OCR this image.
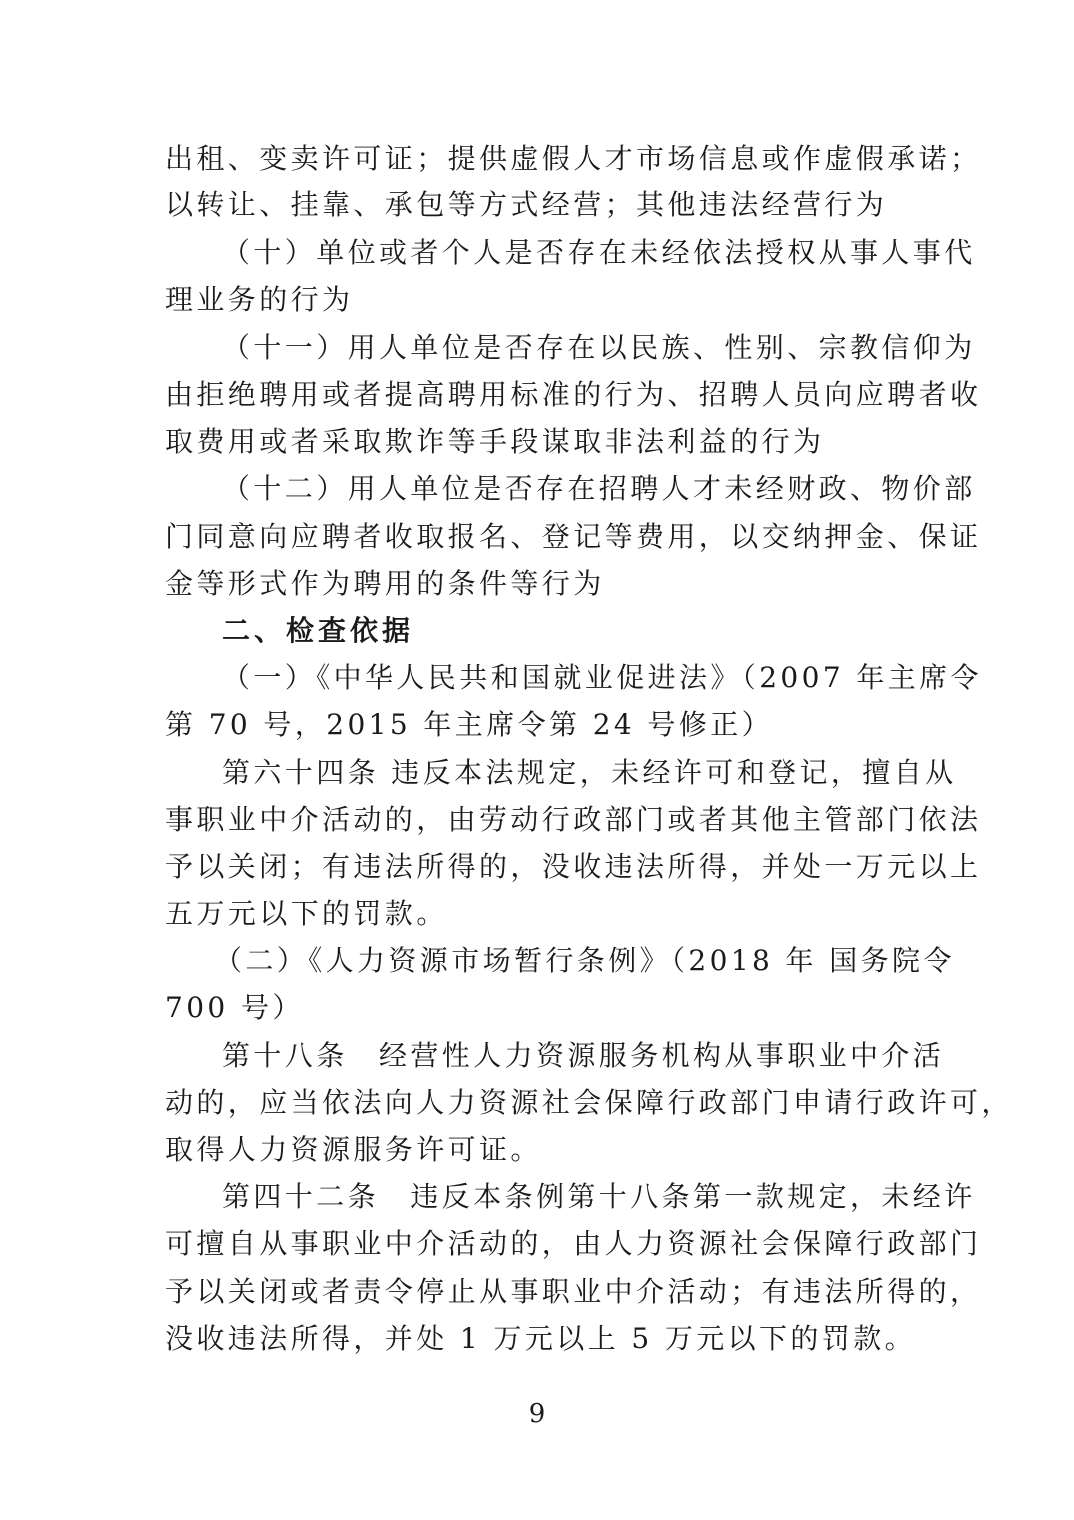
出租、变卖许可证；提供虚假人才市场信息或作虚假承诺；
以转让、挂靠、承包等方式经营；其他违法经营行为
（十）单位或者个人是否存在未经依法授权从事人事代
理业务的行为
（十一）用人单位是否存在以民族、性别、宗教信仰为
由拒绝聘用或者提高聘用标准的行为、招聘人员向应聘者收
取费用或者采取欺诈等手段谋取非法利益的行为
（十二）用人单位是否存在招聘人才未经财政、物价部
门同意向应聘者收取报名、登记等费用，以交纳押金、保证
金等形式作为聘用的条件等行为
二、检查依据
（一）《中华人民共和国就业促进法》（2007 年主席令
第 70 号，2015 年主席令第 24 号修正）
第六十四条 违反本法规定，未经许可和登记，擅自从
事职业中介活动的，由劳动行政部门或者其他主管部门依法
予以关闭；有违法所得的，没收违法所得，并处一万元以上
五万元以下的罚款。
（二）《人力资源市场暂行条例》（2018 年 国务院令
700 号）
第十八条　经营性人力资源服务机构从事职业中介活
动的，应当依法向人力资源社会保障行政部门申请行政许可，
取得人力资源服务许可证。
第四十二条　违反本条例第十八条第一款规定，未经许
可擅自从事职业中介活动的，由人力资源社会保障行政部门
予以关闭或者责令停止从事职业中介活动；有违法所得的，
没收违法所得，并处 1 万元以上 5 万元以下的罚款。
9
